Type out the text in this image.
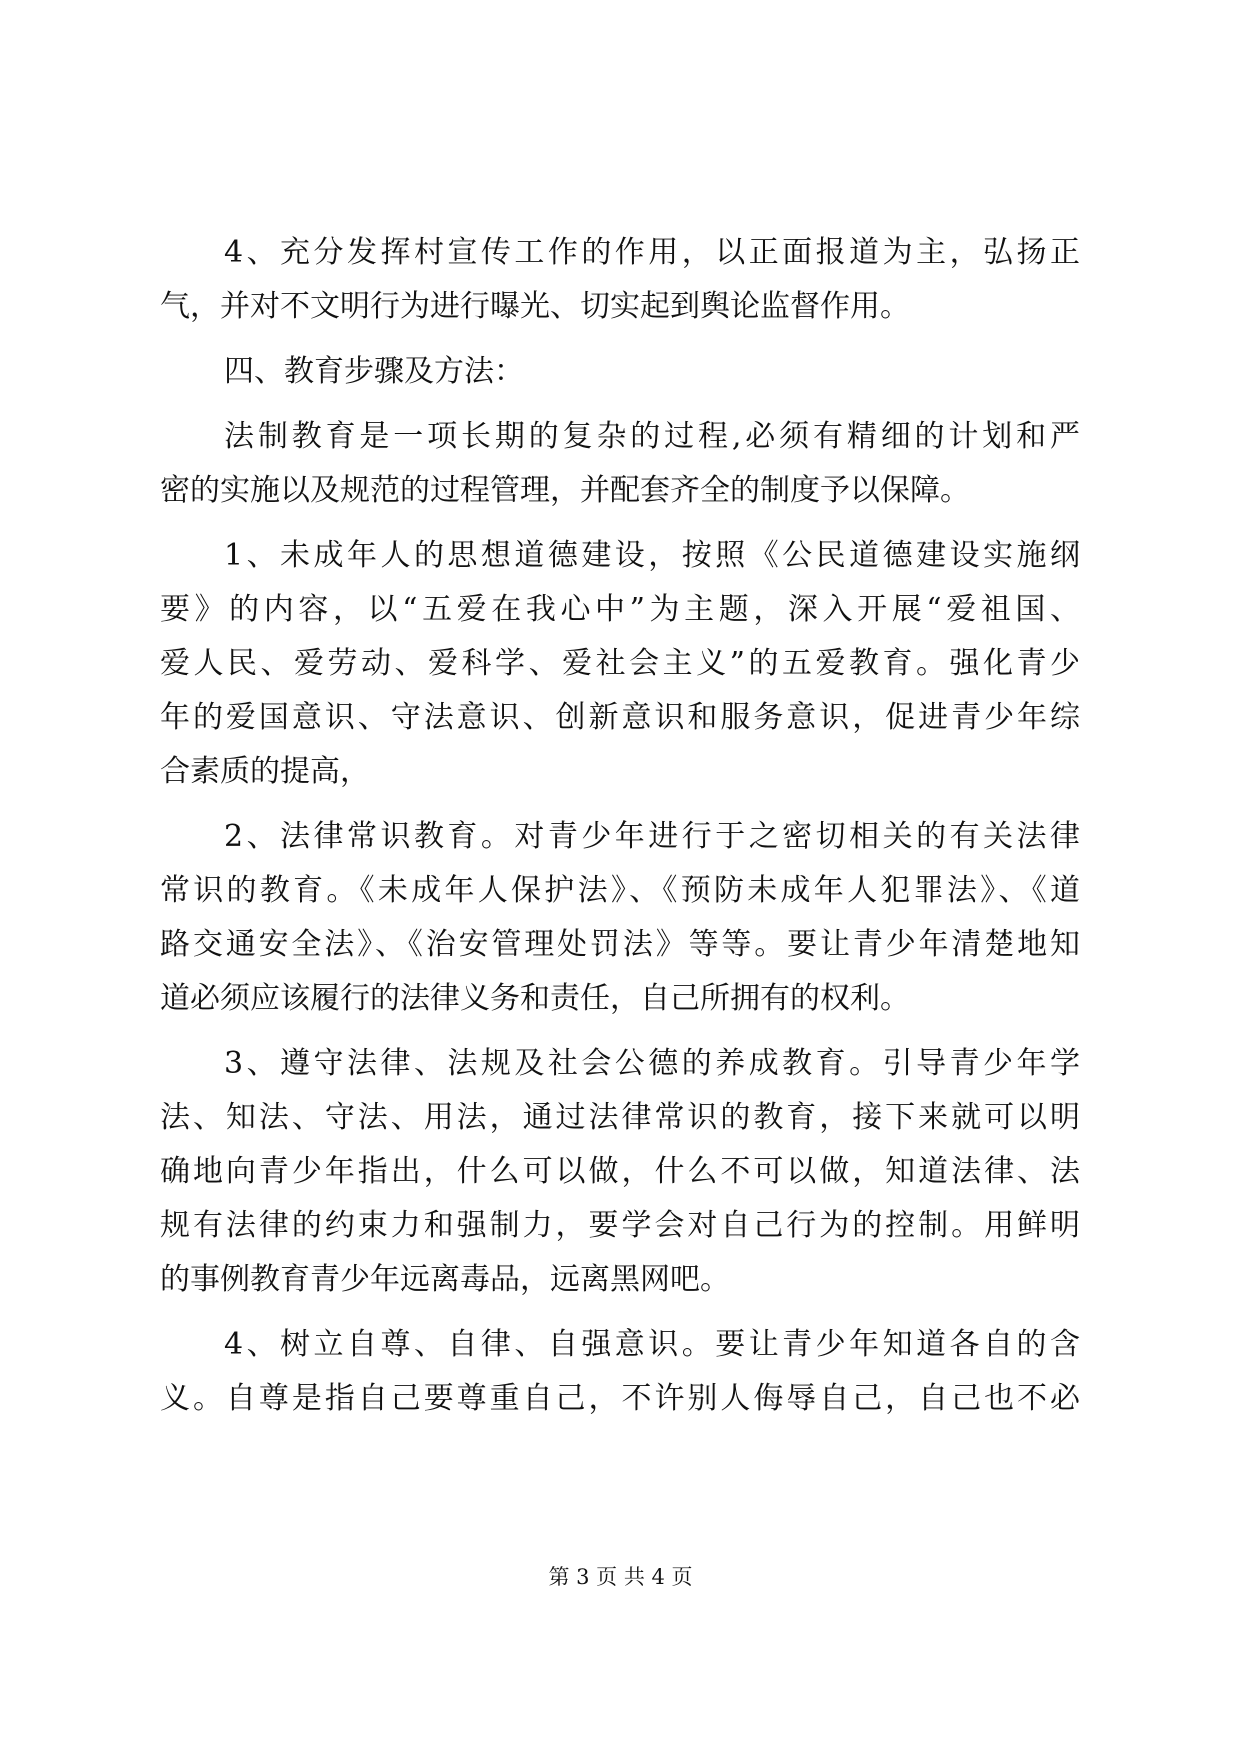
4、充分发挥村宣传工作的作用，以正面报道为主，弘扬正
气，并对不文明行为进行曝光、切实起到舆论监督作用。
四、教育步骤及方法：
法制教育是一项长期的复杂的过程,必须有精细的计划和严
密的实施以及规范的过程管理，并配套齐全的制度予以保障。
1、未成年人的思想道德建设，按照《公民道德建设实施纲
要》的内容，以“五爱在我心中”为主题，深入开展“爱祖国、
爱人民、爱劳动、爱科学、爱社会主义”的五爱教育。强化青少
年的爱国意识、守法意识、创新意识和服务意识，促进青少年综
合素质的提高，
2、法律常识教育。对青少年进行于之密切相关的有关法律
常识的教育。《未成年人保护法》、《预防未成年人犯罪法》、《道
路交通安全法》、《治安管理处罚法》等等。要让青少年清楚地知
道必须应该履行的法律义务和责任，自己所拥有的权利。
3、遵守法律、法规及社会公德的养成教育。引导青少年学
法、知法、守法、用法，通过法律常识的教育，接下来就可以明
确地向青少年指出，什么可以做，什么不可以做，知道法律、法
规有法律的约束力和强制力，要学会对自己行为的控制。用鲜明
的事例教育青少年远离毒品，远离黑网吧。
4、树立自尊、自律、自强意识。要让青少年知道各自的含
义。自尊是指自己要尊重自己，不许别人侮辱自己，自己也不必
第 3 页 共 4 页
